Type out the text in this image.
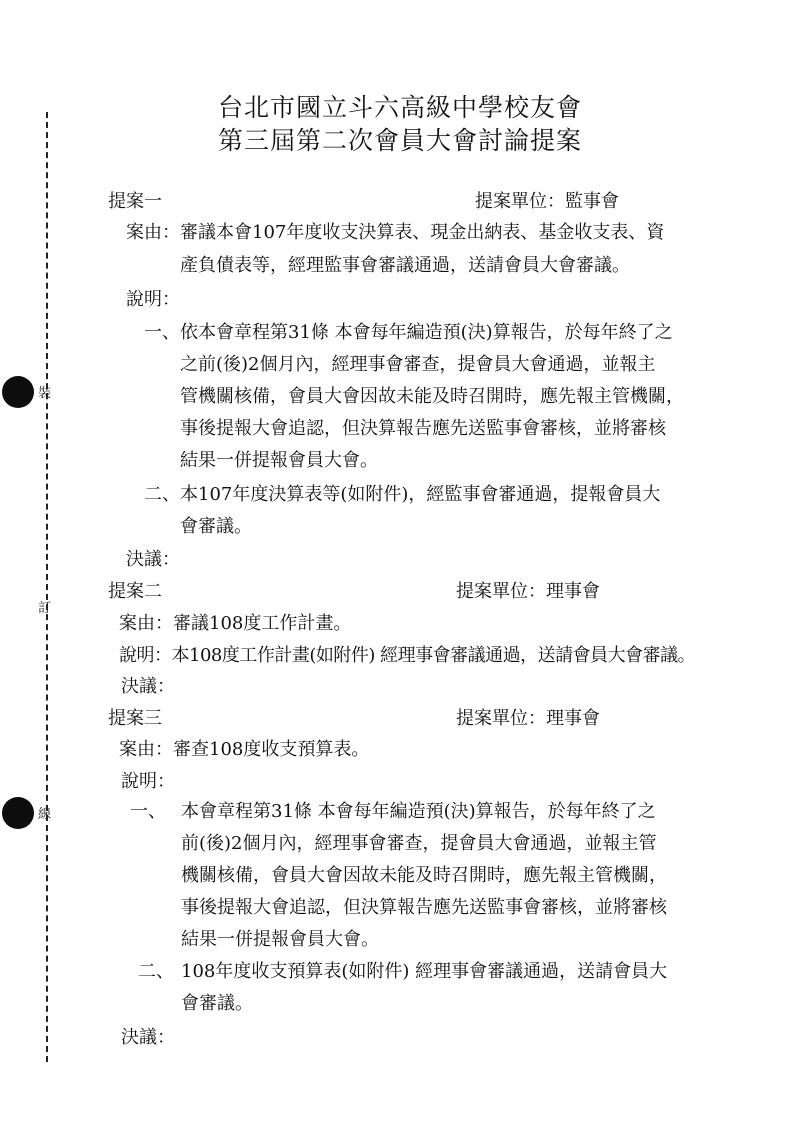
裝
訂
線
台北市國立斗六高級中學校友會
第三屆第二次會員大會討論提案
提案一	提案單位：監事會
案由： 審議本會107年度收支決算表、現金出納表、基金收支表、資
產負債表等，經理監事會審議通過，送請會員大會審議。
說明：
一、 依本會章程第31條 本會每年編造預(決)算報告，於每年終了之
之前(後)2個月內，經理事會審查，提會員大會通過，並報主
管機關核備，會員大會因故未能及時召開時，應先報主管機關，
事後提報大會追認，但決算報告應先送監事會審核，並將審核
結果一併提報會員大會。
二、 本107年度決算表等(如附件)，經監事會審通過，提報會員大
會審議。
決議：
提案二	提案單位：理事會
案由：審議108度工作計畫。
說明：本108度工作計畫(如附件) 經理事會審議通過，送請會員大會審議。
決議：
提案三	提案單位：理事會
案由：審查108度收支預算表。
說明：
一、 本會章程第31條 本會每年編造預(決)算報告，於每年終了之
前(後)2個月內，經理事會審查，提會員大會通過，並報主管
機關核備，會員大會因故未能及時召開時，應先報主管機關，
事後提報大會追認，但決算報告應先送監事會審核，並將審核
結果一併提報會員大會。
二、 108年度收支預算表(如附件) 經理事會審議通過，送請會員大
會審議。
決議：
